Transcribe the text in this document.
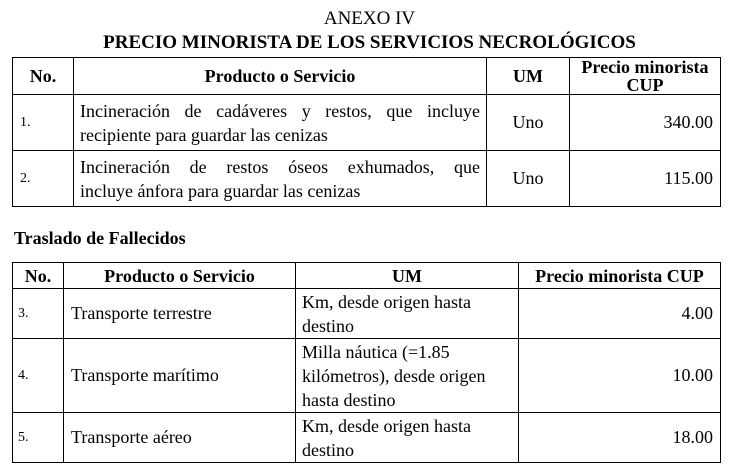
ANEXO IV
PRECIO MINORISTA DE LOS SERVICIOS NECROLÓGICOS
No.	Producto o Servicio	UM	Precio minorista
CUP

1.	Incineración de cadáveres y restos, que incluye
recipiente para guardar las cenizas	Uno	340.00
2.	Incineración de restos óseos exhumados, que
incluye ánfora para guardar las cenizas	Uno	115.00
Traslado de Fallecidos
No.	Producto o Servicio	UM	Precio minorista CUP
3.	Transporte terrestre	Km, desde origen hasta
destino	4.00
4.	Transporte marítimo	Milla náutica (=1.85
kilómetros), desde origen
hasta destino	10.00
5.	Transporte aéreo	Km, desde origen hasta
destino	18.00
